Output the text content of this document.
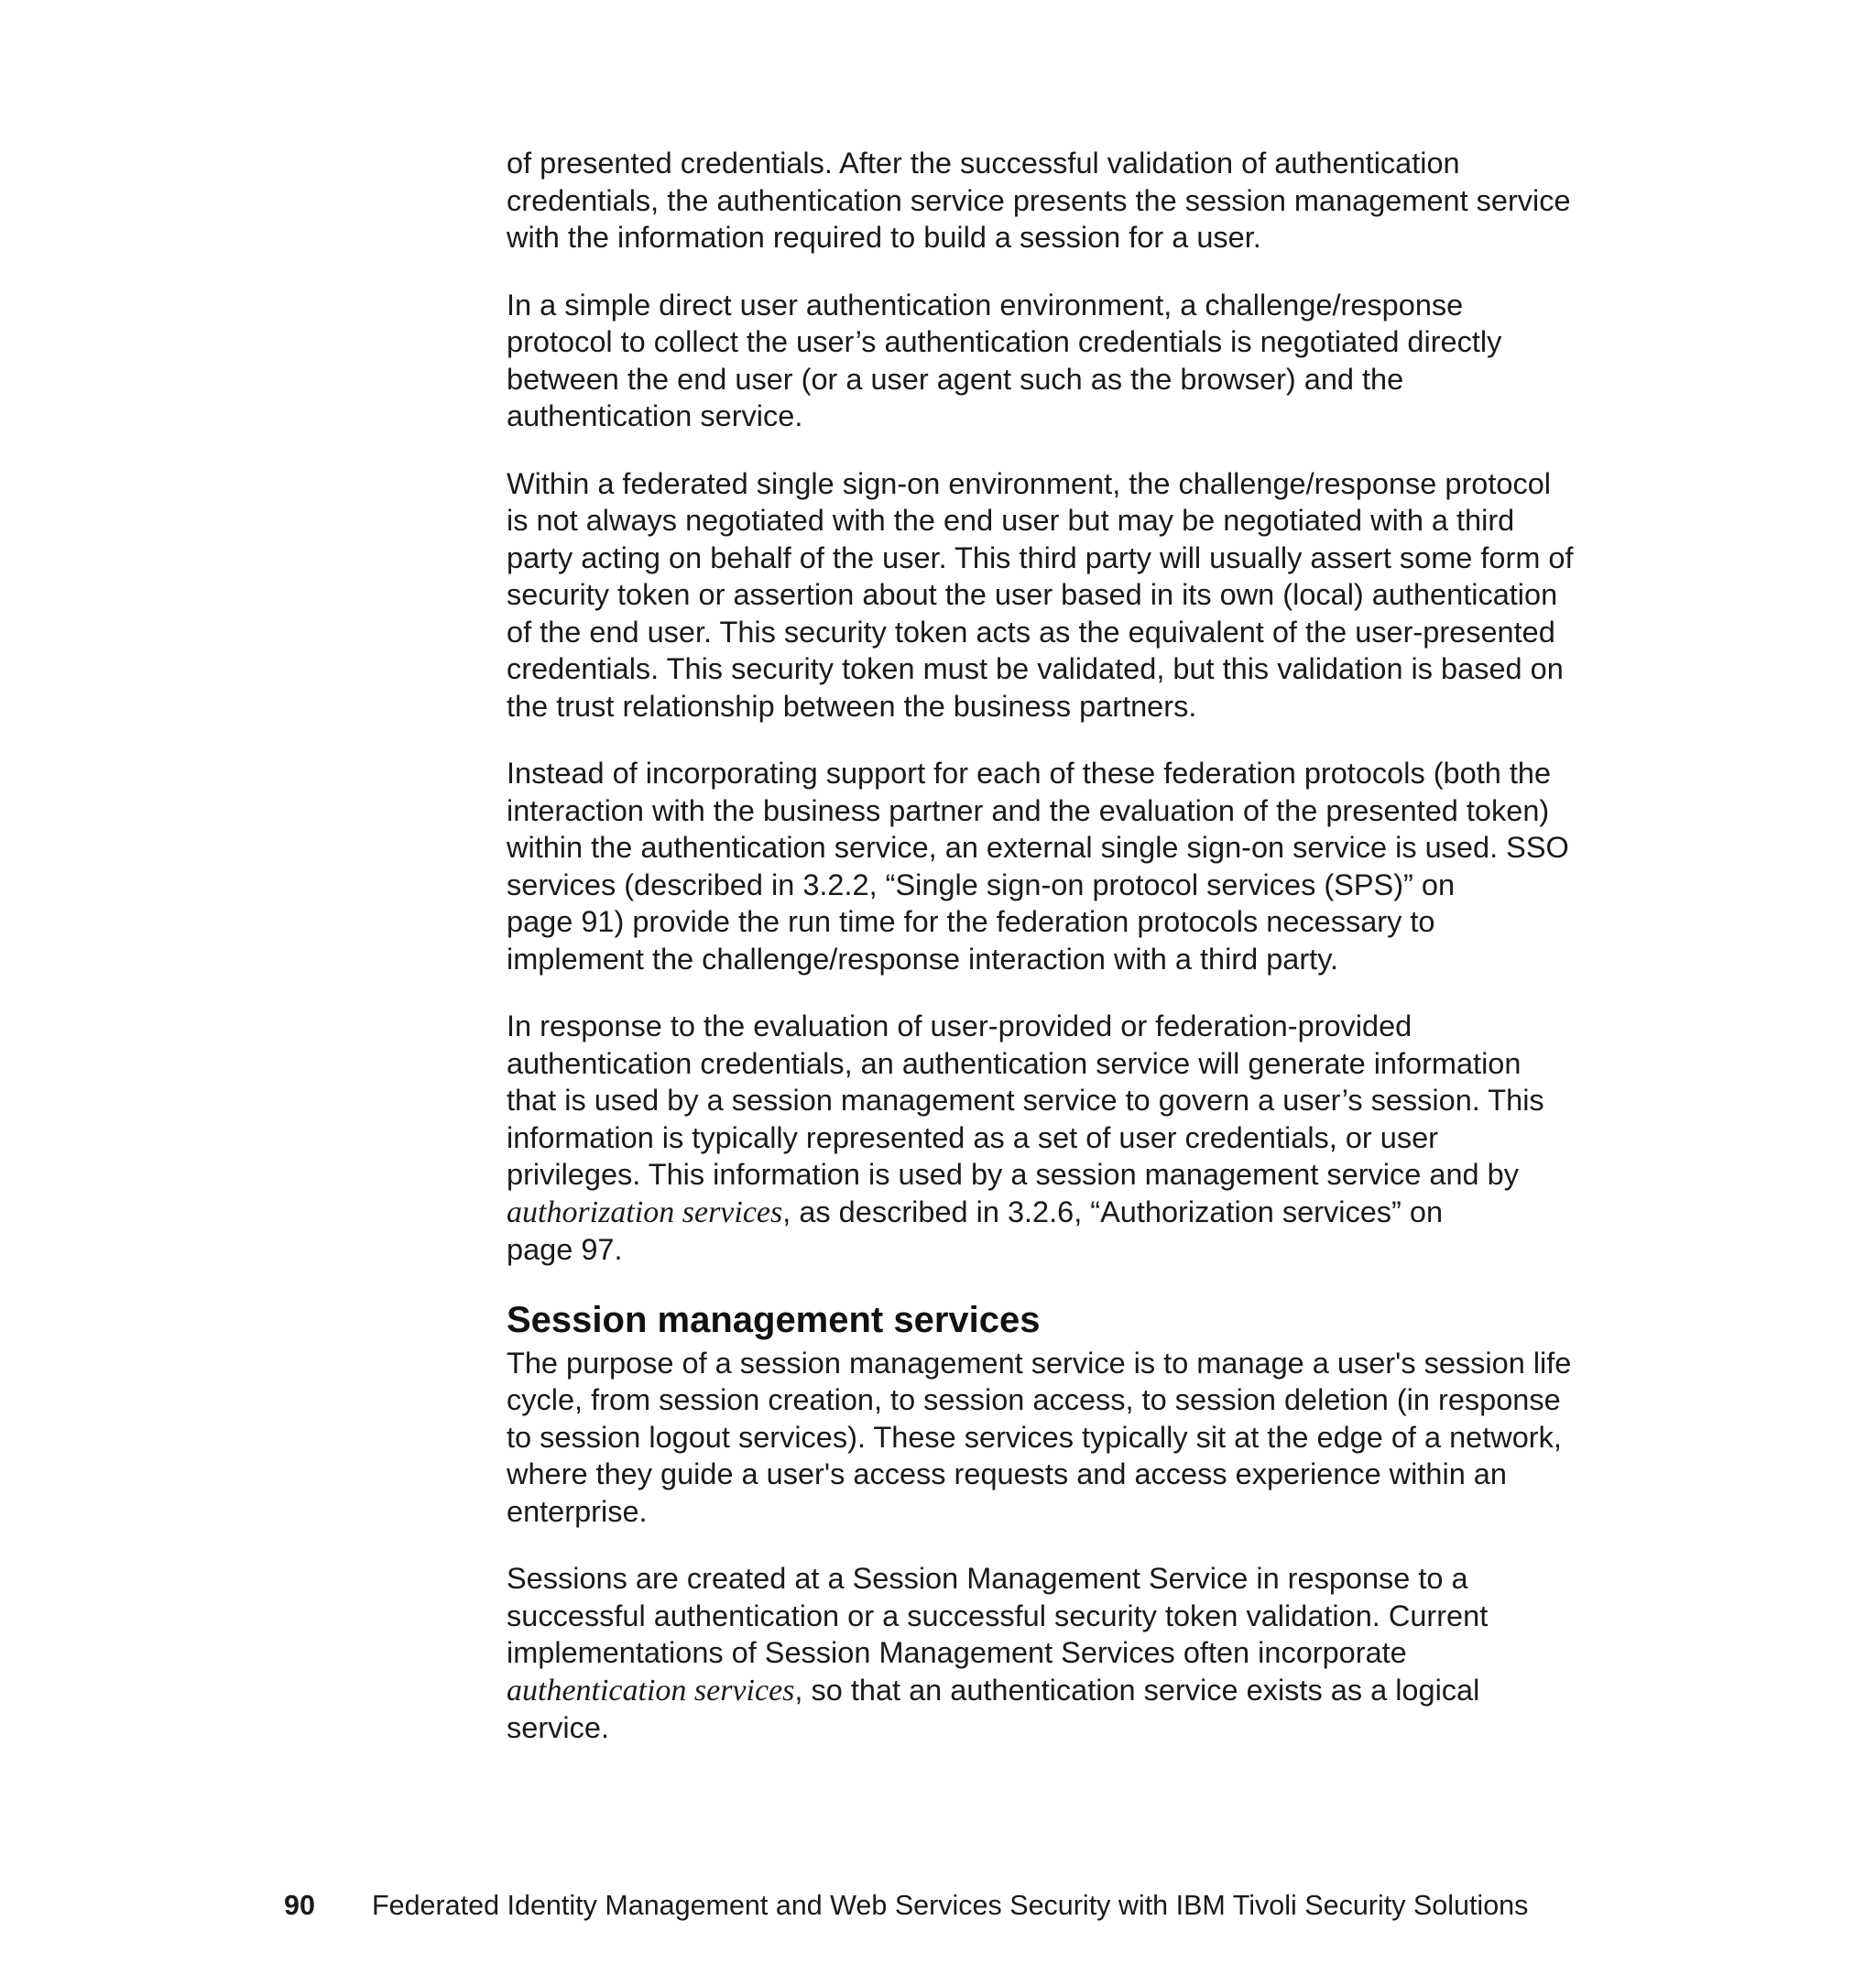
of presented credentials. After the successful validation of authentication
credentials, the authentication service presents the session management service
with the information required to build a session for a user.

In a simple direct user authentication environment, a challenge/response
protocol to collect the user’s authentication credentials is negotiated directly
between the end user (or a user agent such as the browser) and the
authentication service.

Within a federated single sign-on environment, the challenge/response protocol
is not always negotiated with the end user but may be negotiated with a third
party acting on behalf of the user. This third party will usually assert some form of
security token or assertion about the user based in its own (local) authentication
of the end user. This security token acts as the equivalent of the user-presented
credentials. This security token must be validated, but this validation is based on
the trust relationship between the business partners.

Instead of incorporating support for each of these federation protocols (both the
interaction with the business partner and the evaluation of the presented token)
within the authentication service, an external single sign-on service is used. SSO
services (described in 3.2.2, “Single sign-on protocol services (SPS)” on
page 91) provide the run time for the federation protocols necessary to
implement the challenge/response interaction with a third party.

In response to the evaluation of user-provided or federation-provided
authentication credentials, an authentication service will generate information
that is used by a session management service to govern a user’s session. This
information is typically represented as a set of user credentials, or user
privileges. This information is used by a session management service and by
authorization services, as described in 3.2.6, “Authorization services” on
page 97.

Session management services

The purpose of a session management service is to manage a user's session life
cycle, from session creation, to session access, to session deletion (in response
to session logout services). These services typically sit at the edge of a network,
where they guide a user's access requests and access experience within an
enterprise.

Sessions are created at a Session Management Service in response to a
successful authentication or a successful security token validation. Current
implementations of Session Management Services often incorporate
authentication services, so that an authentication service exists as a logical
service.

90 Federated Identity Management and Web Services Security with IBM Tivoli Security Solutions
